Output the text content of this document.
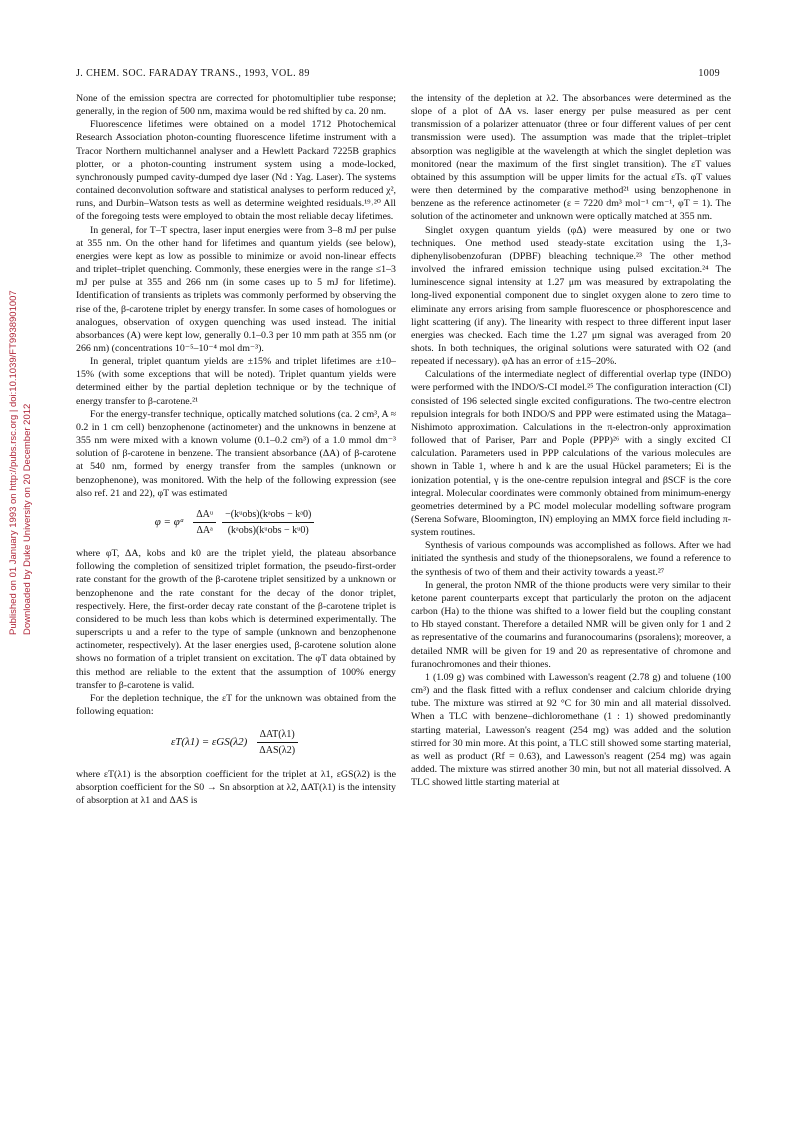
Published on 01 January 1993 on http://pubs.rsc.org | doi:10.1039/FT9938901007 Downloaded by Duke University on 20 December 2012
J. CHEM. SOC. FARADAY TRANS., 1993, VOL. 89	1009

None of the emission spectra are corrected for photomultiplier tube response; generally, in the region of 500 nm, maxima would be red shifted by ca. 20 nm.

Fluorescence lifetimes were obtained on a model 1712 Photochemical Research Association photon-counting fluorescence lifetime instrument with a Tracor Northern multichannel analyser and a Hewlett Packard 7225B graphics plotter, or a photon-counting instrument system using a mode-locked, synchronously pumped cavity-dumped dye laser (Nd : Yag. Laser). The systems contained deconvolution software and statistical analyses to perform reduced χ², runs, and Durbin–Watson tests as well as determine weighted residuals.¹⁹˒²⁰ All of the foregoing tests were employed to obtain the most reliable decay lifetimes.

In general, for T–T spectra, laser input energies were from 3–8 mJ per pulse at 355 nm. On the other hand for lifetimes and quantum yields (see below), energies were kept as low as possible to minimize or avoid non-linear effects and triplet–triplet quenching. Commonly, these energies were in the range ≤1–3 mJ per pulse at 355 and 266 nm (in some cases up to 5 mJ for lifetime). Identification of transients as triplets was commonly performed by observing the rise of the, β-carotene triplet by energy transfer. In some cases of homologues or analogues, observation of oxygen quenching was used instead. The initial absorbances (A) were kept low, generally 0.1–0.3 per 10 mm path at 355 nm (or 266 nm) (concentrations 10⁻⁵–10⁻⁴ mol dm⁻³).

In general, triplet quantum yields are ±15% and triplet lifetimes are ±10–15% (with some exceptions that will be noted). Triplet quantum yields were determined either by the partial depletion technique or by the technique of energy transfer to β-carotene.²¹

For the energy-transfer technique, optically matched solutions (ca. 2 cm³, A ≈ 0.2 in 1 cm cell) benzophenone (actinometer) and the unknowns in benzene at 355 nm were mixed with a known volume (0.1–0.2 cm³) of a 1.0 mmol dm⁻³ solution of β-carotene in benzene. The transient absorbance (ΔA) of β-carotene at 540 nm, formed by energy transfer from the samples (unknown or benzophenone), was monitored. With the help of the following expression (see also ref. 21 and 22), φT was estimated

φ = φᵃ $\frac{\text{ΔAᵘ}}{\text{ΔAᵃ}} \frac{\text{−(kᵘobs)(kᵃobs − kᵃ0)}}{\text{(kᵃobs)(kᵘobs − kᵘ0)}}$

where φT, ΔA, kobs and k0 are the triplet yield, the plateau absorbance following the completion of sensitized triplet formation, the pseudo-first-order rate constant for the growth of the β-carotene triplet sensitized by a unknown or benzophenone and the rate constant for the decay of the donor triplet, respectively. Here, the first-order decay rate constant of the β-carotene triplet is considered to be much less than kobs which is determined experimentally. The superscripts u and a refer to the type of sample (unknown and benzophenone actinometer, respectively). At the laser energies used, β-carotene solution alone shows no formation of a triplet transient on excitation. The φT data obtained by this method are reliable to the extent that the assumption of 100% energy transfer to β-carotene is valid.

For the depletion technique, the εT for the unknown was obtained from the following equation:

$\varepsilon T(\lambda 1) = \varepsilon GS(\lambda 2) \frac{\text{ΔAT(λ1)}}{\text{ΔAS(λ2)}}$

where εT(λ1) is the absorption coefficient for the triplet at λ1, εGS(λ2) is the absorption coefficient for the S0 → Sn absorption at λ2, ΔAT(λ1) is the intensity of absorption at λ1 and ΔAS is

the intensity of the depletion at λ2. The absorbances were determined as the slope of a plot of ΔA vs. laser energy per pulse measured as per cent transmission of a polarizer attenuator (three or four different values of per cent transmission were used). The assumption was made that the triplet–triplet absorption was negligible at the wavelength at which the singlet depletion was monitored (near the maximum of the first singlet transition). The εT values obtained by this assumption will be upper limits for the actual εTs. φT values were then determined by the comparative method²¹ using benzophenone in benzene as the reference actinometer (ε = 7220 dm³ mol⁻¹ cm⁻¹, φT = 1). The solution of the actinometer and unknown were optically matched at 355 nm.

Singlet oxygen quantum yields (φΔ) were measured by one or two techniques. One method used steady-state excitation using the 1,3-diphenylisobenzofuran (DPBF) bleaching technique.²³ The other method involved the infrared emission technique using pulsed excitation.²⁴ The luminescence signal intensity at 1.27 μm was measured by extrapolating the long-lived exponential component due to singlet oxygen alone to zero time to eliminate any errors arising from sample fluorescence or phosphorescence and light scattering (if any). The linearity with respect to three different input laser energies was checked. Each time the 1.27 μm signal was averaged from 20 shots. In both techniques, the original solutions were saturated with O2 (and repeated if necessary). φΔ has an error of ±15–20%.

Calculations of the intermediate neglect of differential overlap type (INDO) were performed with the INDO/S-CI model.²⁵ The configuration interaction (CI) consisted of 196 selected single excited configurations. The two-centre electron repulsion integrals for both INDO/S and PPP were estimated using the Mataga–Nishimoto approximation. Calculations in the π-electron-only approximation followed that of Pariser, Parr and Pople (PPP)²⁶ with a singly excited CI calculation. Parameters used in PPP calculations of the various molecules are shown in Table 1, where h and k are the usual Hückel parameters; Ei is the ionization potential, γ is the one-centre repulsion integral and βSCF is the core integral. Molecular coordinates were commonly obtained from minimum-energy geometries determined by a PC model molecular modelling software program (Serena Sofware, Bloomington, IN) employing an MMX force field including π-system routines.

Synthesis of various compounds was accomplished as follows. After we had initiated the synthesis and study of the thionepsoralens, we found a reference to the synthesis of two of them and their activity towards a yeast.²⁷

In general, the proton NMR of the thione products were very similar to their ketone parent counterparts except that particularly the proton on the adjacent carbon (Ha) to the thione was shifted to a lower field but the coupling constant to Hb stayed constant. Therefore a detailed NMR will be given only for 1 and 2 as representative of the coumarins and furanocoumarins (psoralens); moreover, a detailed NMR will be given for 19 and 20 as representative of chromone and furanochromones and their thiones.

1 (1.09 g) was combined with Lawesson's reagent (2.78 g) and toluene (100 cm³) and the flask fitted with a reflux condenser and calcium chloride drying tube. The mixture was stirred at 92 °C for 30 min and all material dissolved. When a TLC with benzene–dichloromethane (1 : 1) showed predominantly starting material, Lawesson's reagent (254 mg) was added and the solution stirred for 30 min more. At this point, a TLC still showed some starting material, as well as product (Rf = 0.63), and Lawesson's reagent (254 mg) was again added. The mixture was stirred another 30 min, but not all material dissolved. A TLC showed little starting material at
